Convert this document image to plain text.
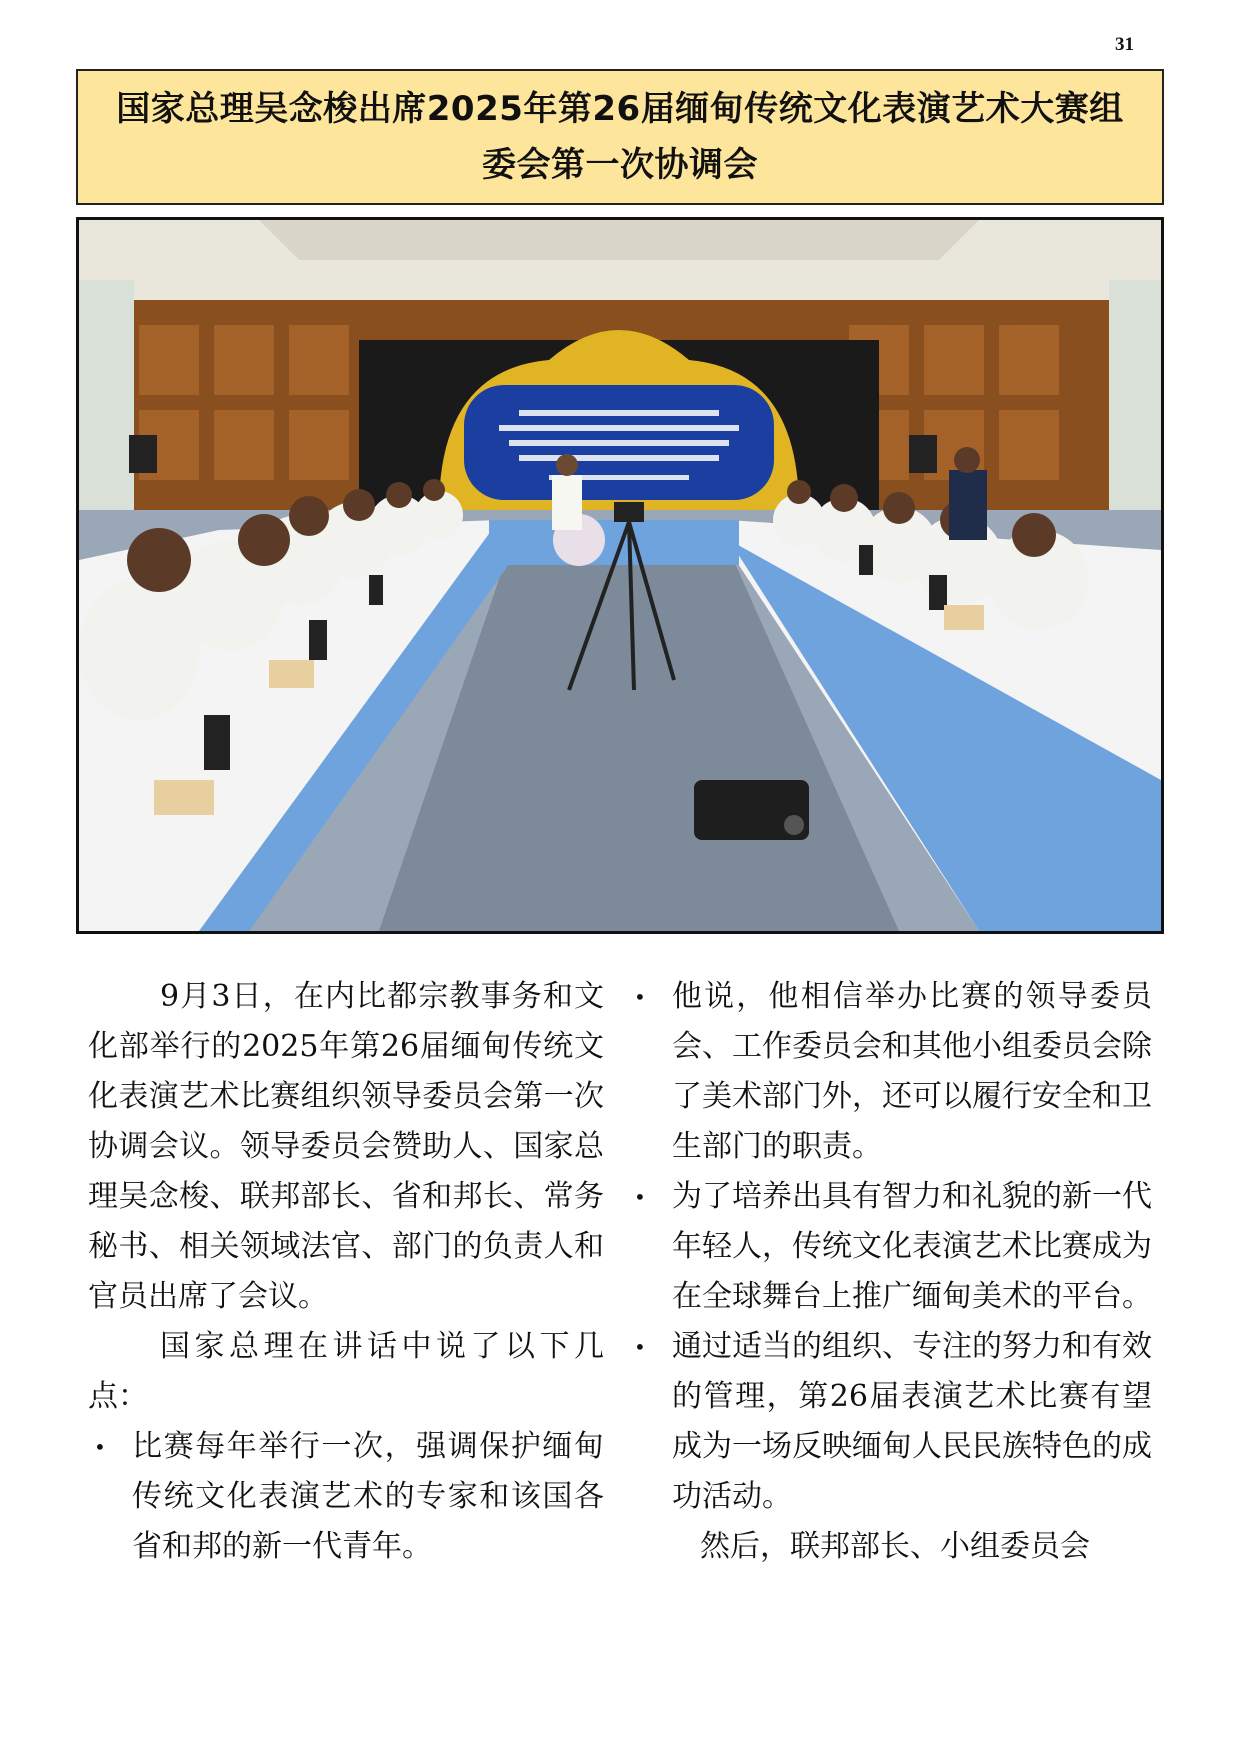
31
国家总理吴念梭出席2025年第26届缅甸传统文化表演艺术大赛组
委会第一次协调会

9月3日，在内比都宗教事务和文化部举行的2025年第26届缅甸传统文化表演艺术比赛组织领导委员会第一次协调会议。领导委员会赞助人、国家总理吴念梭、联邦部长、省和邦长、常务秘书、相关领域法官、部门的负责人和官员出席了会议。

国家总理在讲话中说了以下几点：

• 比赛每年举行一次，强调保护缅甸传统文化表演艺术的专家和该国各省和邦的新一代青年。
• 他说，他相信举办比赛的领导委员会、工作委员会和其他小组委员会除了美术部门外，还可以履行安全和卫生部门的职责。
• 为了培养出具有智力和礼貌的新一代年轻人，传统文化表演艺术比赛成为在全球舞台上推广缅甸美术的平台。
• 通过适当的组织、专注的努力和有效的管理，第26届表演艺术比赛有望成为一场反映缅甸人民民族特色的成功活动。

然后，联邦部长、小组委员会
